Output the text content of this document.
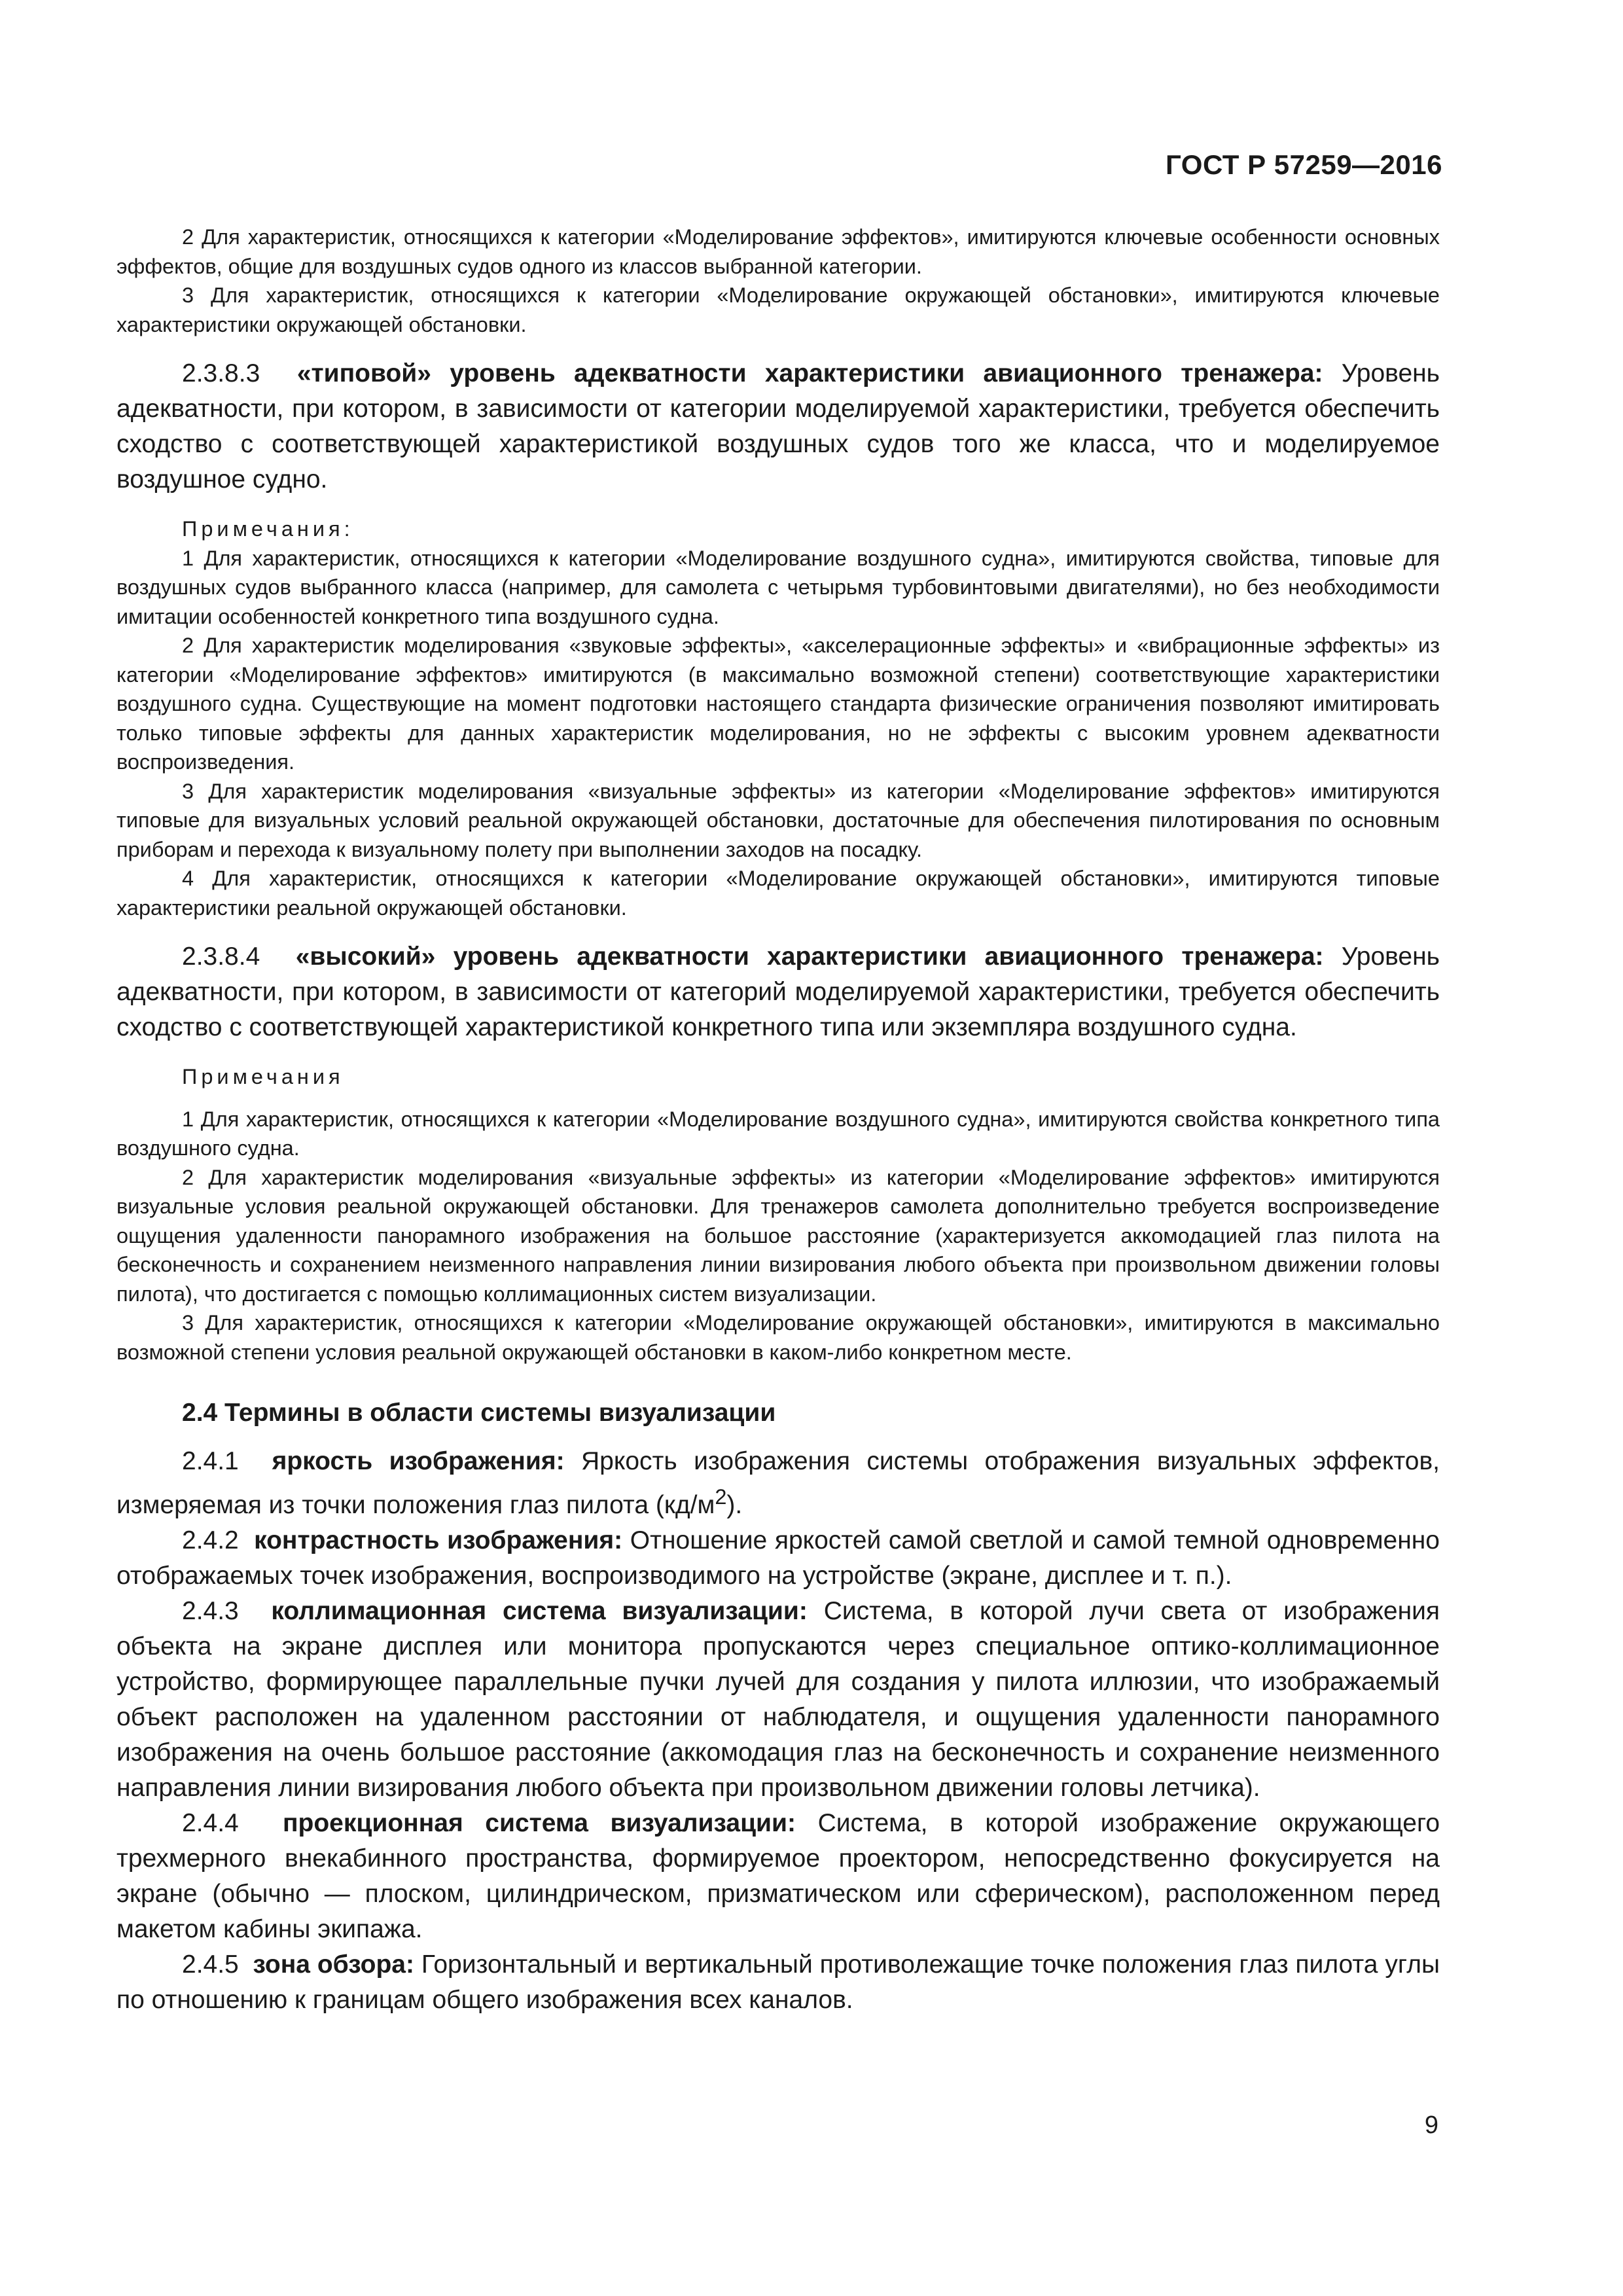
ГОСТ Р 57259—2016

2 Для характеристик, относящихся к категории «Моделирование эффектов», имитируются ключевые особенности основных эффектов, общие для воздушных судов одного из классов выбранной категории.

3 Для характеристик, относящихся к категории «Моделирование окружающей обстановки», имитируются ключевые характеристики окружающей обстановки.

2.3.8.3 «типовой» уровень адекватности характеристики авиационного тренажера: Уровень адекватности, при котором, в зависимости от категории моделируемой характеристики, требуется обеспечить сходство с соответствующей характеристикой воздушных судов того же класса, что и моделируемое воздушное судно.

Примечания:

1 Для характеристик, относящихся к категории «Моделирование воздушного судна», имитируются свойства, типовые для воздушных судов выбранного класса (например, для самолета с четырьмя турбовинтовыми двигателями), но без необходимости имитации особенностей конкретного типа воздушного судна.

2 Для характеристик моделирования «звуковые эффекты», «акселерационные эффекты» и «вибрационные эффекты» из категории «Моделирование эффектов» имитируются (в максимально возможной степени) соответствующие характеристики воздушного судна. Существующие на момент подготовки настоящего стандарта физические ограничения позволяют имитировать только типовые эффекты для данных характеристик моделирования, но не эффекты с высоким уровнем адекватности воспроизведения.

3 Для характеристик моделирования «визуальные эффекты» из категории «Моделирование эффектов» имитируются типовые для визуальных условий реальной окружающей обстановки, достаточные для обеспечения пилотирования по основным приборам и перехода к визуальному полету при выполнении заходов на посадку.

4 Для характеристик, относящихся к категории «Моделирование окружающей обстановки», имитируются типовые характеристики реальной окружающей обстановки.

2.3.8.4 «высокий» уровень адекватности характеристики авиационного тренажера: Уровень адекватности, при котором, в зависимости от категорий моделируемой характеристики, требуется обеспечить сходство с соответствующей характеристикой конкретного типа или экземпляра воздушного судна.

Примечания

1 Для характеристик, относящихся к категории «Моделирование воздушного судна», имитируются свойства конкретного типа воздушного судна.

2 Для характеристик моделирования «визуальные эффекты» из категории «Моделирование эффектов» имитируются визуальные условия реальной окружающей обстановки. Для тренажеров самолета дополнительно требуется воспроизведение ощущения удаленности панорамного изображения на большое расстояние (характеризуется аккомодацией глаз пилота на бесконечность и сохранением неизменного направления линии визирования любого объекта при произвольном движении головы пилота), что достигается с помощью коллимационных систем визуализации.

3 Для характеристик, относящихся к категории «Моделирование окружающей обстановки», имитируются в максимально возможной степени условия реальной окружающей обстановки в каком-либо конкретном месте.

2.4 Термины в области системы визуализации

2.4.1 яркость изображения: Яркость изображения системы отображения визуальных эффектов, измеряемая из точки положения глаз пилота $(кд/м^2)$.

2.4.2 контрастность изображения: Отношение яркостей самой светлой и самой темной одновременно отображаемых точек изображения, воспроизводимого на устройстве (экране, дисплее и т. п.).

2.4.3 коллимационная система визуализации: Система, в которой лучи света от изображения объекта на экране дисплея или монитора пропускаются через специальное оптико-коллимационное устройство, формирующее параллельные пучки лучей для создания у пилота иллюзии, что изображаемый объект расположен на удаленном расстоянии от наблюдателя, и ощущения удаленности панорамного изображения на очень большое расстояние (аккомодация глаз на бесконечность и сохранение неизменного направления линии визирования любого объекта при произвольном движении головы летчика).

2.4.4 проекционная система визуализации: Система, в которой изображение окружающего трехмерного внекабинного пространства, формируемое проектором, непосредственно фокусируется на экране (обычно — плоском, цилиндрическом, призматическом или сферическом), расположенном перед макетом кабины экипажа.

2.4.5 зона обзора: Горизонтальный и вертикальный противолежащие точке положения глаз пилота углы по отношению к границам общего изображения всех каналов.

9
